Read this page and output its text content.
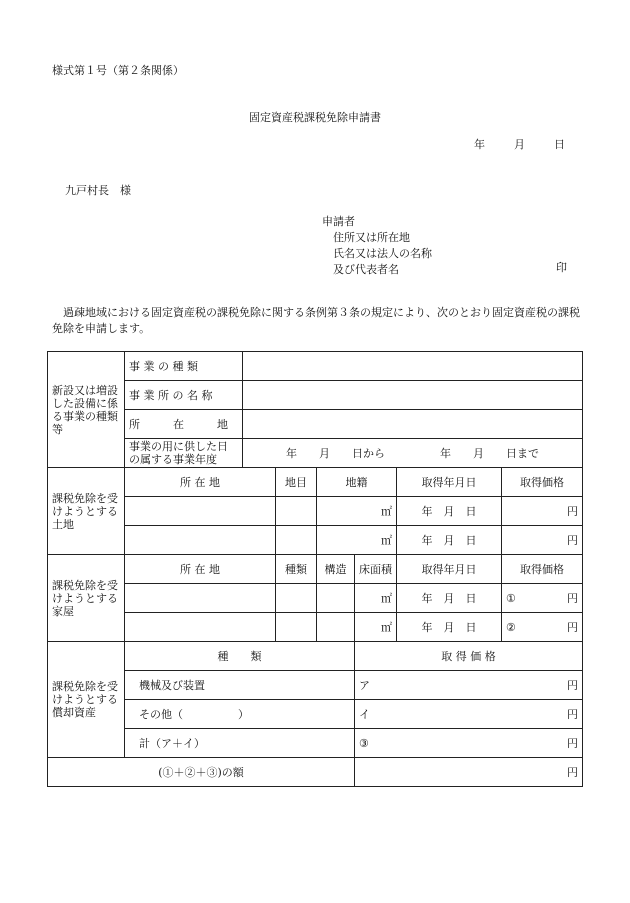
様式第１号（第２条関係）
固定資産税課税免除申請書
年	月	日
九戸村長　様
申請者
住所又は所在地
氏名又は法人の名称
及び代表者名	印
過疎地域における固定資産税の課税免除に関する条例第３条の規定により、次のとおり固定資産税の課税免除を申請します。
新設又は増設した設備に係る事業の種類等	事 業 の 種 類						
	事 業 所 の 名 称						
	所　　　在　　　地						
	事業の用に供した日の属する事業年度	年　　月　　日から　　　　　年　　月　　日まで					
課税免除を受けようとする土地	所 在 地		地目	地籍		取得年月日	取得価格
				㎡		年　月　日	円
				㎡		年　月　日	円
課税免除を受けようとする家屋	所 在 地		種類	構造	床面積	取得年月日	取得価格
					㎡	年　月　日	① 円

					㎡	年　月　日	② 円

課税免除を受けようとする償却資産	種　　類				取 得 価 格		
	機械及び装置				ア 円		

	その他（　　　　　）				イ 円		

	計（ア＋イ）				③ 円		

(①＋②＋③)の額					円		
